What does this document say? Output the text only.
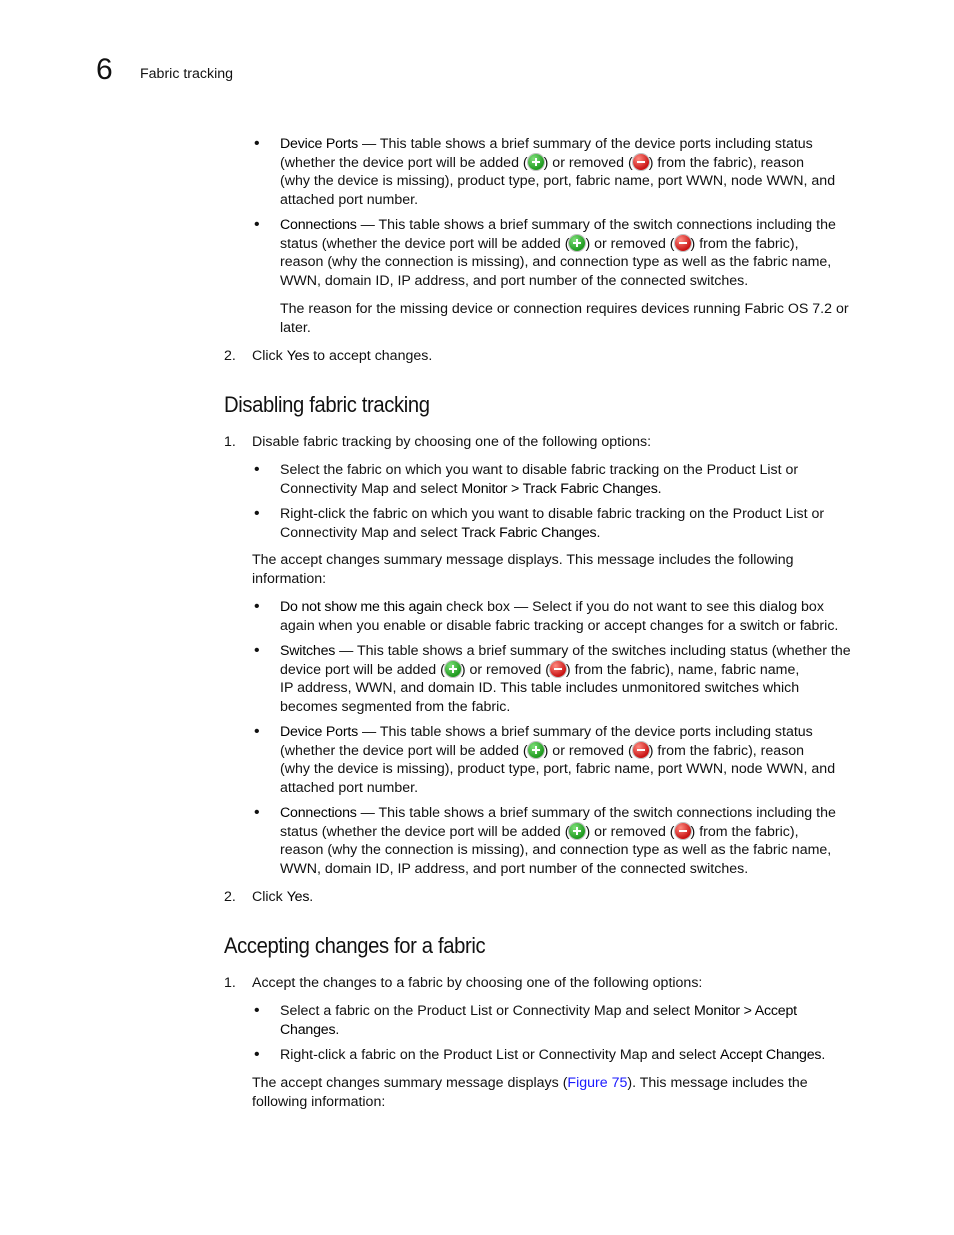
6 Fabric tracking
• Device Ports — This table shows a brief summary of the device ports including status
(whether the device port will be added ( ) or removed ( ) from the fabric), reason
(why the device is missing), product type, port, fabric name, port WWN, node WWN, and
attached port number.
• Connections — This table shows a brief summary of the switch connections including the
status (whether the device port will be added ( ) or removed ( ) from the fabric),
reason (why the connection is missing), and connection type as well as the fabric name,
WWN, domain ID, IP address, and port number of the connected switches.
The reason for the missing device or connection requires devices running Fabric OS 7.2 or
later.
2. Click Yes to accept changes.
Disabling fabric tracking
1. Disable fabric tracking by choosing one of the following options:
• Select the fabric on which you want to disable fabric tracking on the Product List or
Connectivity Map and select Monitor > Track Fabric Changes.
• Right-click the fabric on which you want to disable fabric tracking on the Product List or
Connectivity Map and select Track Fabric Changes.
The accept changes summary message displays. This message includes the following
information:
• Do not show me this again check box — Select if you do not want to see this dialog box
again when you enable or disable fabric tracking or accept changes for a switch or fabric.
• Switches — This table shows a brief summary of the switches including status (whether the
device port will be added ( ) or removed ( ) from the fabric), name, fabric name,
IP address, WWN, and domain ID. This table includes unmonitored switches which
becomes segmented from the fabric.
• Device Ports — This table shows a brief summary of the device ports including status
(whether the device port will be added ( ) or removed ( ) from the fabric), reason
(why the device is missing), product type, port, fabric name, port WWN, node WWN, and
attached port number.
• Connections — This table shows a brief summary of the switch connections including the
status (whether the device port will be added ( ) or removed ( ) from the fabric),
reason (why the connection is missing), and connection type as well as the fabric name,
WWN, domain ID, IP address, and port number of the connected switches.
2. Click Yes.
Accepting changes for a fabric
1. Accept the changes to a fabric by choosing one of the following options:
• Select a fabric on the Product List or Connectivity Map and select Monitor > Accept
Changes.
• Right-click a fabric on the Product List or Connectivity Map and select Accept Changes.
The accept changes summary message displays (Figure 75). This message includes the
following information:
